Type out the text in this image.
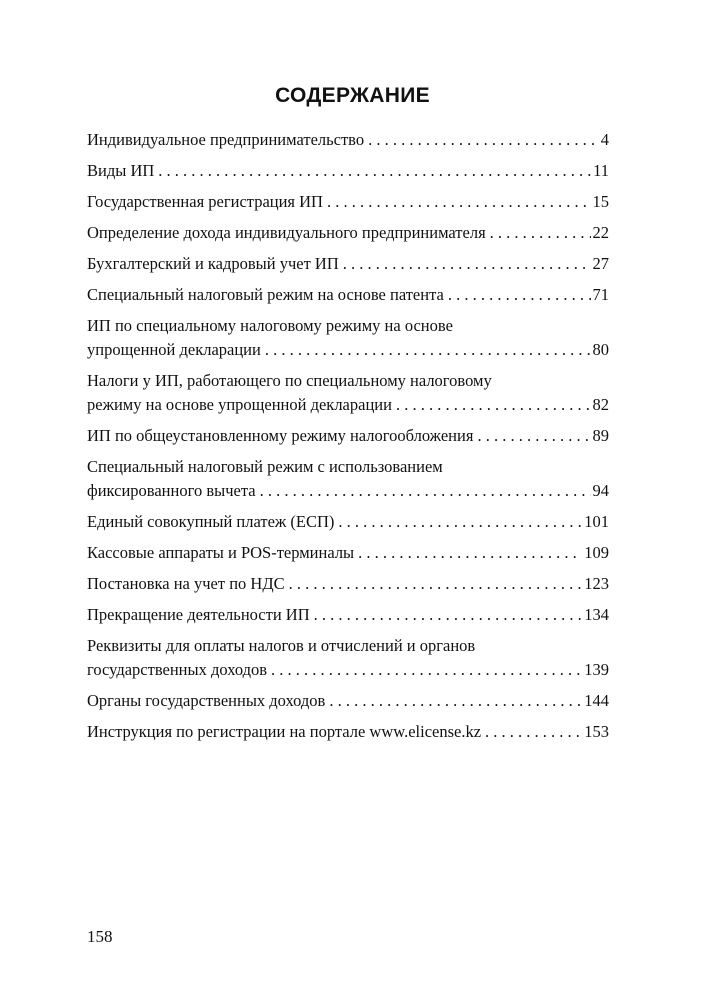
СОДЕРЖАНИЕ
Индивидуальное предпринимательство . . .	4
Виды ИП . . .	11
Государственная регистрация ИП . . .	15
Определение дохода индивидуального предпринимателя . . .	22
Бухгалтерский и кадровый учет ИП . . .	27
Специальный налоговый режим на основе патента . . .	71
ИП по специальному налоговому режиму на основе
упрощенной декларации . . .	80
Налоги у ИП, работающего по специальному налоговому
режиму на основе упрощенной декларации . . .	82
ИП по общеустановленному режиму налогообложения . . .	89
Специальный налоговый режим с использованием
фиксированного вычета . . .	94
Единый совокупный платеж (ЕСП) . . .	101
Кассовые аппараты и POS-терминалы . . .	109
Постановка на учет по НДС . . .	123
Прекращение деятельности ИП . . .	134
Реквизиты для оплаты налогов и отчислений и органов
государственных доходов . . .	139
Органы государственных доходов . . .	144
Инструкция по регистрации на портале www.elicense.kz . . .	153
158
